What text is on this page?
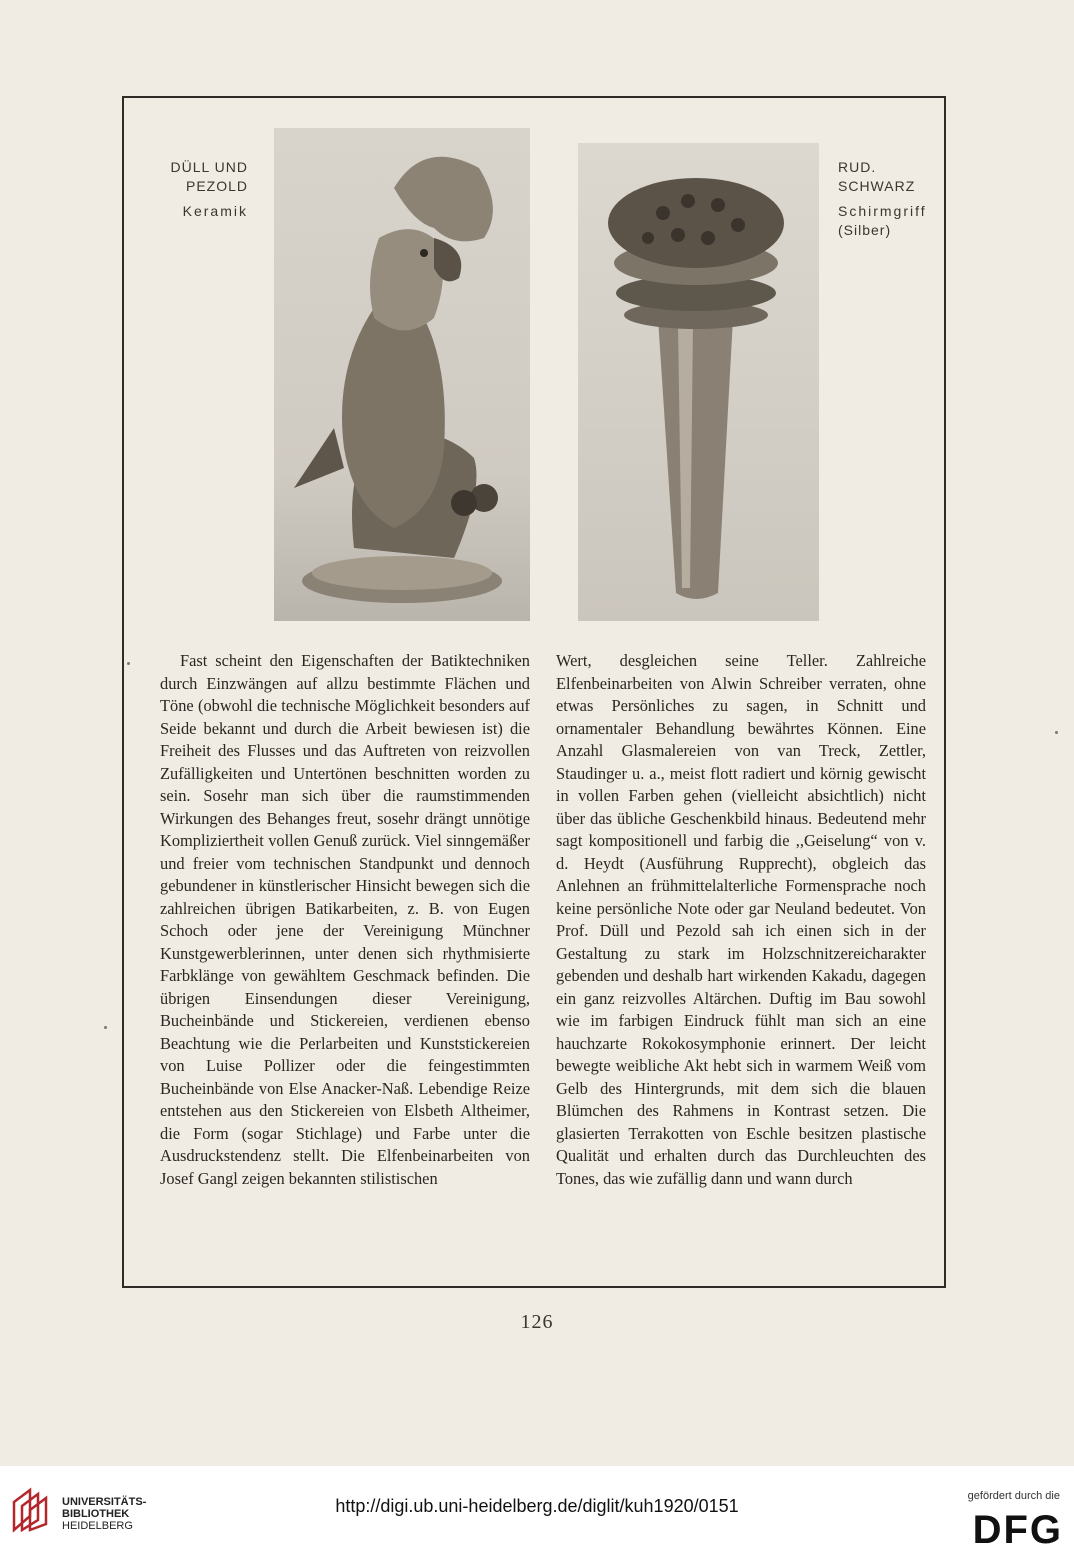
DÜLL UND
PEZOLD
Keramik
RUD.
SCHWARZ
Schirmgriff
(Silber)

Fast scheint den Eigenschaften der Batiktechniken durch Einzwängen auf allzu bestimmte Flächen und Töne (obwohl die technische Möglichkeit besonders auf Seide bekannt und durch die Arbeit bewiesen ist) die Freiheit des Flusses und das Auftreten von reizvollen Zufälligkeiten und Untertönen beschnitten worden zu sein. Sosehr man sich über die raumstimmenden Wirkungen des Behanges freut, sosehr drängt unnötige Kompliziertheit vollen Genuß zurück. Viel sinngemäßer und freier vom technischen Standpunkt und dennoch gebundener in künstlerischer Hinsicht bewegen sich die zahlreichen übrigen Batikarbeiten, z. B. von Eugen Schoch oder jene der Vereinigung Münchner Kunstgewerblerinnen, unter denen sich rhythmisierte Farbklänge von gewähltem Geschmack befinden. Die übrigen Einsendungen dieser Vereinigung, Bucheinbände und Stickereien, verdienen ebenso Beachtung wie die Perlarbeiten und Kunststickereien von Luise Pollizer oder die feingestimmten Bucheinbände von Else Anacker-Naß. Lebendige Reize entstehen aus den Stickereien von Elsbeth Altheimer, die Form (sogar Stichlage) und Farbe unter die Ausdruckstendenz stellt. Die Elfenbeinarbeiten von Josef Gangl zeigen bekannten stilistischen

Wert, desgleichen seine Teller. Zahlreiche Elfenbeinarbeiten von Alwin Schreiber verraten, ohne etwas Persönliches zu sagen, in Schnitt und ornamentaler Behandlung bewährtes Können. Eine Anzahl Glasmalereien von van Treck, Zettler, Staudinger u. a., meist flott radiert und körnig gewischt in vollen Farben gehen (vielleicht absichtlich) nicht über das übliche Geschenkbild hinaus. Bedeutend mehr sagt kompositionell und farbig die ,,Geiselung“ von v. d. Heydt (Ausführung Rupprecht), obgleich das Anlehnen an frühmittelalterliche Formensprache noch keine persönliche Note oder gar Neuland bedeutet. Von Prof. Düll und Pezold sah ich einen sich in der Gestaltung zu stark im Holzschnitzereicharakter gebenden und deshalb hart wirkenden Kakadu, dagegen ein ganz reizvolles Altärchen. Duftig im Bau sowohl wie im farbigen Eindruck fühlt man sich an eine hauchzarte Rokokosymphonie erinnert. Der leicht bewegte weibliche Akt hebt sich in warmem Weiß vom Gelb des Hintergrunds, mit dem sich die blauen Blümchen des Rahmens in Kontrast setzen. Die glasierten Terrakotten von Eschle besitzen plastische Qualität und erhalten durch das Durchleuchten des Tones, das wie zufällig dann und wann durch

126
UNIVERSITÄTS-
BIBLIOTHEK
HEIDELBERG
http://digi.ub.uni-heidelberg.de/diglit/kuh1920/0151	gefördert durch die
DFG
